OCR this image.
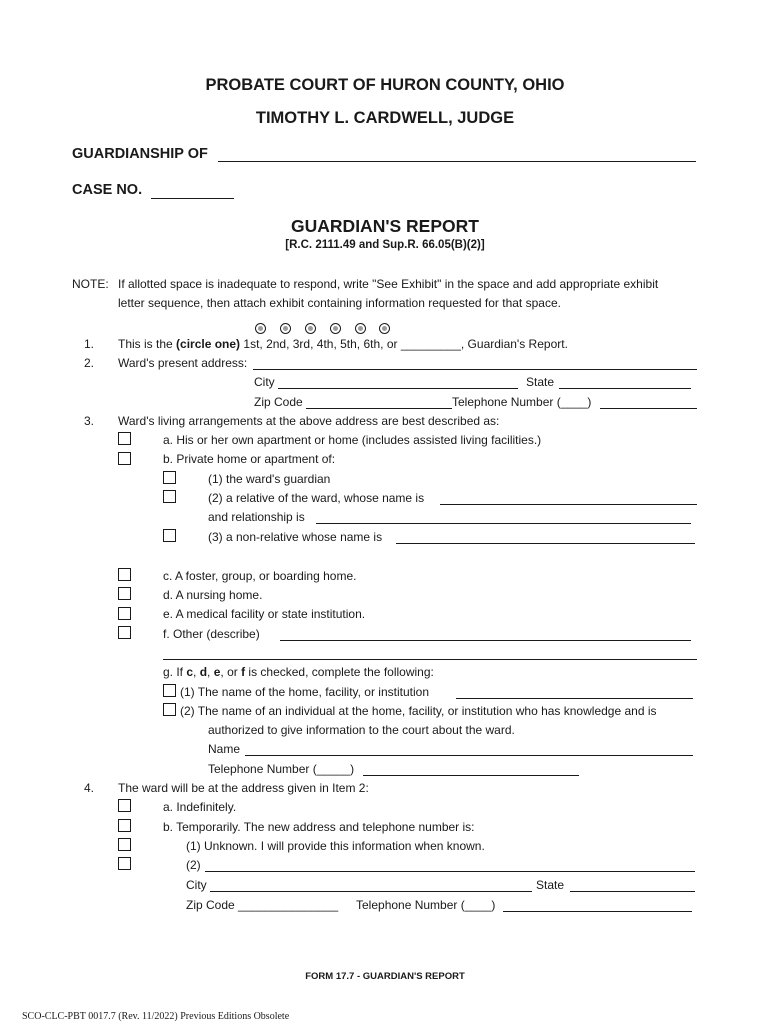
PROBATE COURT OF HURON COUNTY, OHIO
TIMOTHY L. CARDWELL, JUDGE
GUARDIANSHIP OF
CASE NO.
GUARDIAN'S REPORT
[R.C. 2111.49 and Sup.R. 66.05(B)(2)]
NOTE: If allotted space is inadequate to respond, write "See Exhibit" in the space and add appropriate exhibit
letter sequence, then attach exhibit containing information requested for that space.
1. This is the (circle one) 1st, 2nd, 3rd, 4th, 5th, 6th, or _________, Guardian's Report.
2. Ward's present address:
City	State
Zip Code	Telephone Number (____)
3. Ward's living arrangements at the above address are best described as:
a. His or her own apartment or home (includes assisted living facilities.)
b. Private home or apartment of:
(1) the ward's guardian
(2) a relative of the ward, whose name is
and relationship is
(3) a non-relative whose name is
c. A foster, group, or boarding home.
d. A nursing home.
e. A medical facility or state institution.
f. Other (describe)
g. If c, d, e, or f is checked, complete the following:
(1) The name of the home, facility, or institution
(2) The name of an individual at the home, facility, or institution who has knowledge and is
authorized to give information to the court about the ward.
Name
Telephone Number (_____)
4. The ward will be at the address given in Item 2:
a. Indefinitely.
b. Temporarily. The new address and telephone number is:
(1) Unknown. I will provide this information when known.
(2)
City	State
Zip Code _______________ Telephone Number (____)
FORM 17.7 - GUARDIAN'S REPORT
SCO-CLC-PBT 0017.7 (Rev. 11/2022) Previous Editions Obsolete
